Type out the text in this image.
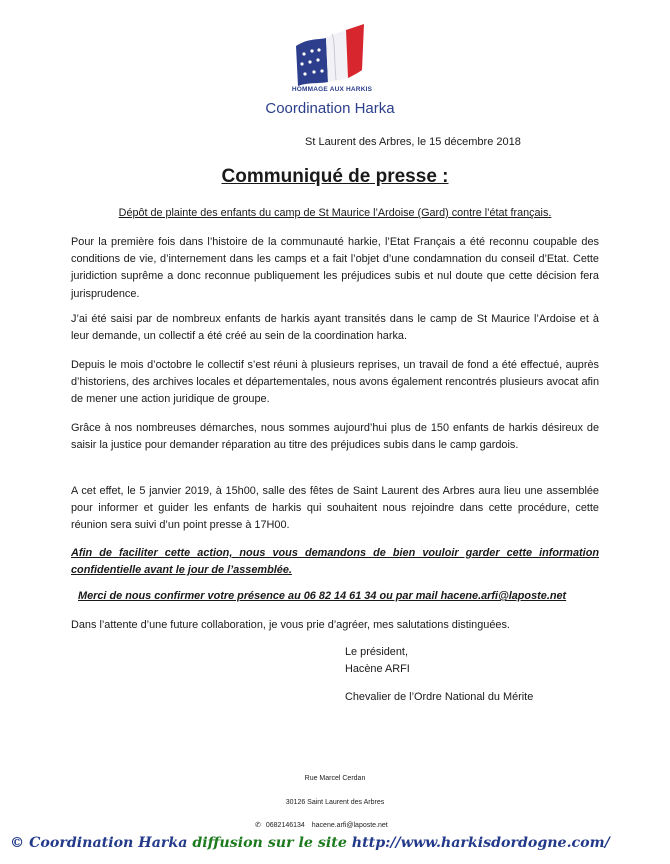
HOMMAGE AUX HARKIS
Coordination Harka
St Laurent des Arbres, le 15 décembre 2018
Communiqué de presse :
Dépôt de plainte des enfants du camp de St Maurice l’Ardoise (Gard) contre l’état français.
Pour la première fois dans l’histoire de la communauté harkie, l’Etat Français a été reconnu coupable des conditions de vie, d’internement dans les camps et a fait l’objet d’une condamnation du conseil d’Etat. Cette juridiction suprême a donc reconnue publiquement les préjudices subis et nul doute que cette décision fera jurisprudence.
J’ai été saisi par de nombreux enfants de harkis ayant transités dans le camp de St Maurice l’Ardoise et à leur demande, un collectif a été créé au sein de la coordination harka.
Depuis le mois d’octobre le collectif s’est réuni à plusieurs reprises, un travail de fond a été effectué, auprès d’historiens, des archives locales et départementales, nous avons également rencontrés plusieurs avocat afin de mener une action juridique de groupe.
Grâce à nos nombreuses démarches, nous sommes aujourd’hui plus de 150 enfants de harkis désireux de saisir la justice pour demander réparation au titre des préjudices subis dans le camp gardois.
A cet effet, le 5 janvier 2019, à 15h00, salle des fêtes de Saint Laurent des Arbres aura lieu une assemblée pour informer et guider les enfants de harkis qui souhaitent nous rejoindre dans cette procédure, cette réunion sera suivi d’un point presse à 17H00.
Afin de faciliter cette action, nous vous demandons de bien vouloir garder cette information confidentielle avant le jour de l’assemblée.
Merci de nous confirmer votre présence au 06 82 14 61 34 ou par mail hacene.arfi@laposte.net
Dans l’attente d’une future collaboration, je vous prie d’agréer, mes salutations distinguées.
Le président,
Hacène ARFI
Chevalier de l’Ordre National du Mérite
Rue Marcel Cerdan
30126 Saint Laurent des Arbres
✆ 0682146134 hacene.arfi@laposte.net
© Coordination Harka diffusion sur le site http://www.harkisdordogne.com/
